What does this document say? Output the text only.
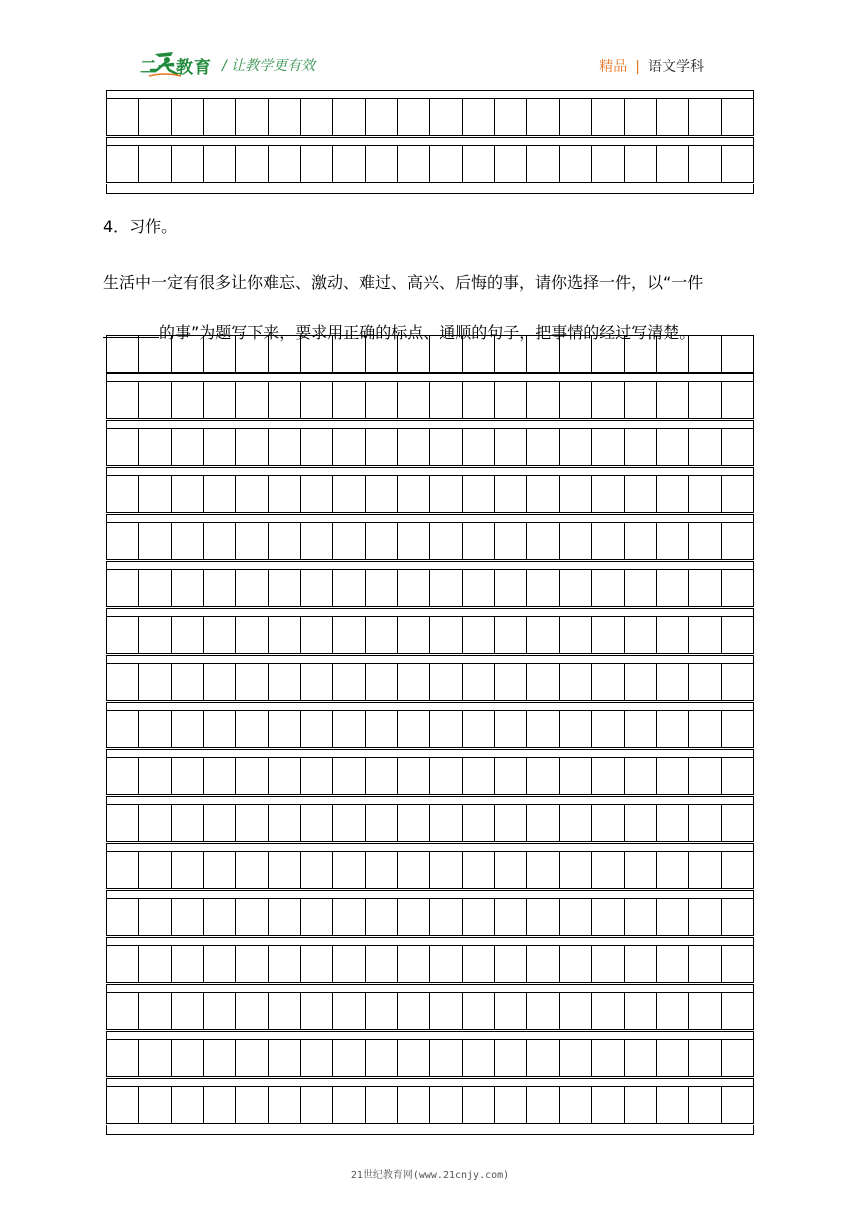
二一教育 / 让教学更有效	精品 | 语文学科
4．习作。
生活中一定有很多让你难忘、激动、难过、高兴、后悔的事，请你选择一件，以“一件
的事”为题写下来，要求用正确的标点、通顺的句子，把事情的经过写清楚。
21世纪教育网(www.21cnjy.com)
